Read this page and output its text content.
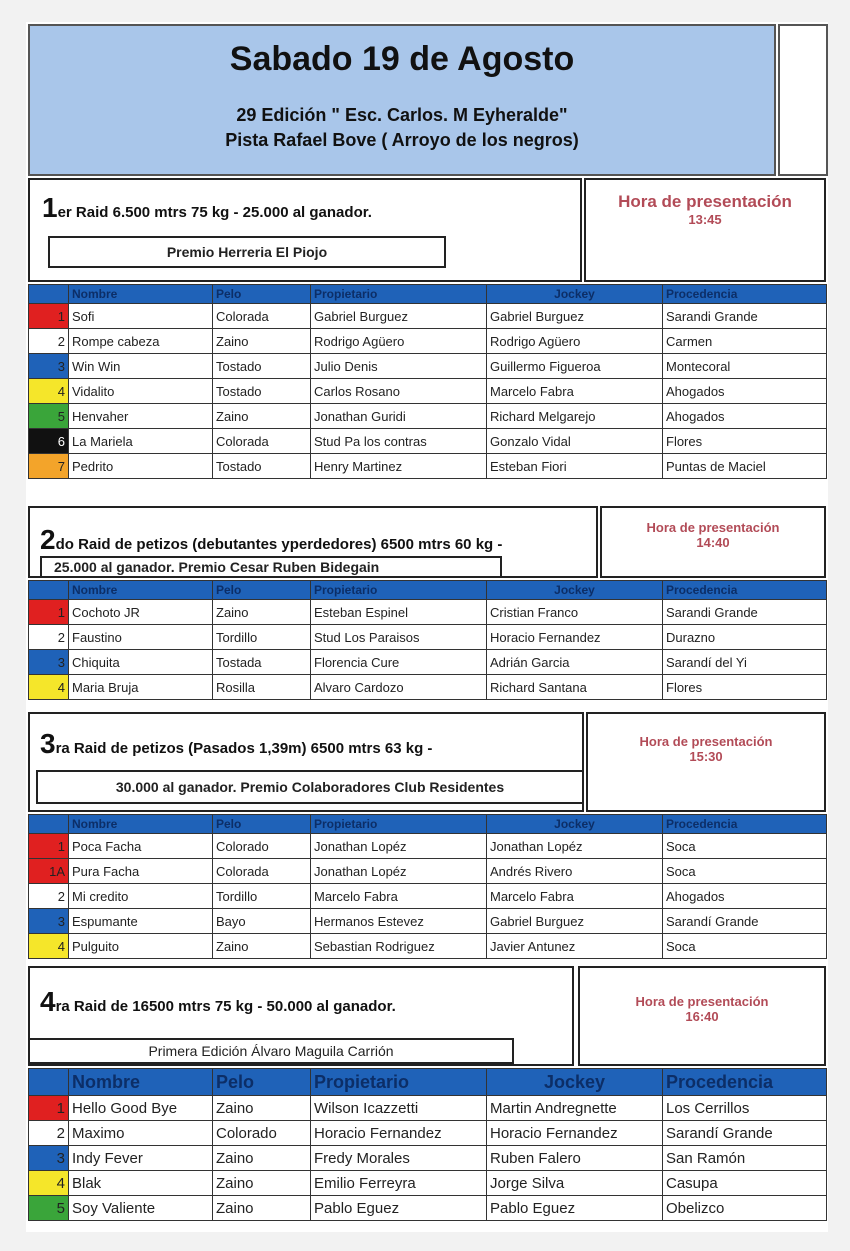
Sabado 19 de Agosto
29 Edición " Esc. Carlos. M Eyheralde"
Pista Rafael Bove ( Arroyo de los negros)
1er Raid 6.500 mtrs 75 kg - 25.000 al ganador.
Premio Herreria El Piojo
Hora de presentación
13:45
	Nombre	Pelo	Propietario	Jockey	Procedencia
1	Sofi	Colorada	Gabriel Burguez	Gabriel Burguez	Sarandi Grande
2	Rompe cabeza	Zaino	Rodrigo Agüero	Rodrigo Agüero	Carmen
3	Win Win	Tostado	Julio Denis	Guillermo Figueroa	Montecoral
4	Vidalito	Tostado	Carlos Rosano	Marcelo Fabra	Ahogados
5	Henvaher	Zaino	Jonathan Guridi	Richard Melgarejo	Ahogados
6	La Mariela	Colorada	Stud Pa los contras	Gonzalo Vidal	Flores
7	Pedrito	Tostado	Henry Martinez	Esteban Fiori	Puntas de Maciel
2do Raid de petizos (debutantes yperdedores) 6500 mtrs 60 kg -
25.000 al ganador. Premio Cesar Ruben Bidegain
Hora de presentación
14:40
	Nombre	Pelo	Propietario	Jockey	Procedencia
1	Cochoto JR	Zaino	Esteban Espinel	Cristian Franco	Sarandi Grande
2	Faustino	Tordillo	Stud Los Paraisos	Horacio Fernandez	Durazno
3	Chiquita	Tostada	Florencia Cure	Adrián Garcia	Sarandí del Yi
4	Maria Bruja	Rosilla	Alvaro Cardozo	Richard Santana	Flores
3ra Raid de petizos (Pasados 1,39m) 6500 mtrs 63 kg -
30.000 al ganador. Premio Colaboradores Club Residentes
Hora de presentación
15:30
	Nombre	Pelo	Propietario	Jockey	Procedencia
1	Poca Facha	Colorado	Jonathan Lopéz	Jonathan Lopéz	Soca
1A	Pura Facha	Colorada	Jonathan Lopéz	Andrés Rivero	Soca
2	Mi credito	Tordillo	Marcelo Fabra	Marcelo Fabra	Ahogados
3	Espumante	Bayo	Hermanos Estevez	Gabriel Burguez	Sarandí Grande
4	Pulguito	Zaino	Sebastian Rodriguez	Javier Antunez	Soca
4ra Raid de 16500 mtrs 75 kg - 50.000 al ganador.
Primera Edición Álvaro Maguila Carrión
Hora de presentación
16:40
	Nombre	Pelo	Propietario	Jockey	Procedencia
1	Hello Good Bye	Zaino	Wilson Icazzetti	Martin Andregnette	Los Cerrillos
2	Maximo	Colorado	Horacio Fernandez	Horacio Fernandez	Sarandí Grande
3	Indy Fever	Zaino	Fredy Morales	Ruben Falero	San Ramón
4	Blak	Zaino	Emilio Ferreyra	Jorge Silva	Casupa
5	Soy Valiente	Zaino	Pablo Eguez	Pablo Eguez	Obelizco
